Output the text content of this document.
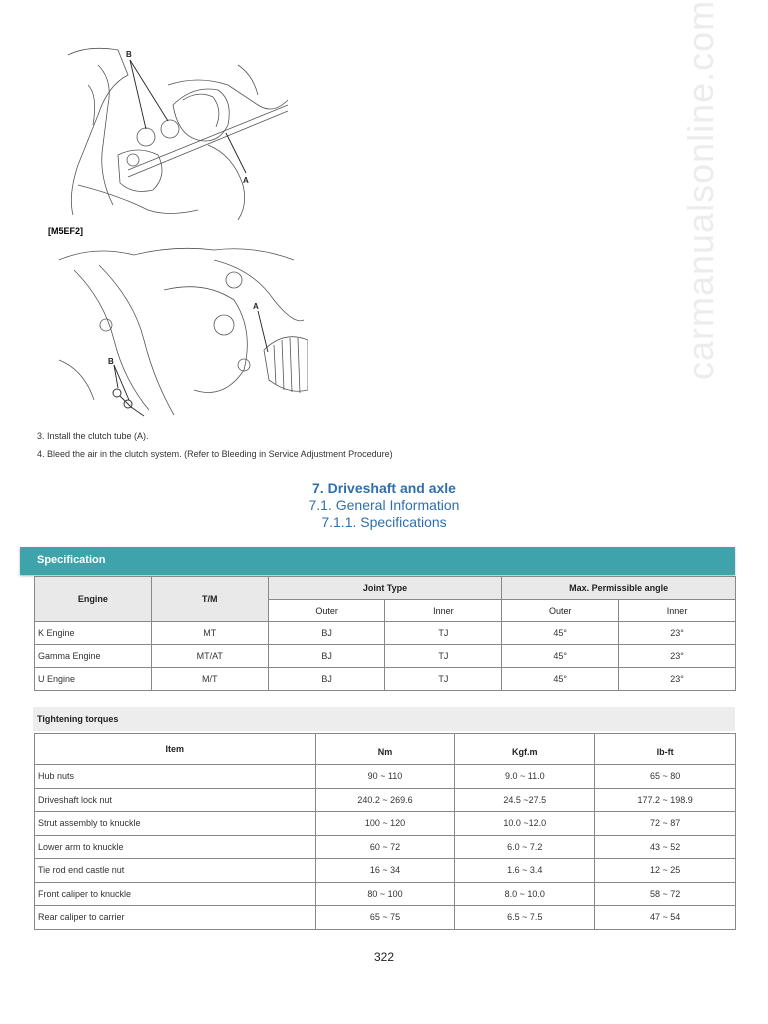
B
A
[M5EF2]
A
B
3. Install the clutch tube (A).
4. Bleed the air in the clutch system. (Refer to Bleeding in Service Adjustment Procedure)
7. Driveshaft and axle
7.1. General Information
7.1.1. Specifications
carmanualsonline.com
Specification
Engine	T/M	Joint Type		Max. Permissible angle	
		Outer	Inner	Outer	Inner
K Engine	MT	BJ	TJ	45°	23°
Gamma Engine	MT/AT	BJ	TJ	45°	23°
U Engine	M/T	BJ	TJ	45°	23°
Tightening torques
Item			
	Nm	Kgf.m	lb-ft
Hub nuts	90 ~ 110	9.0 ~ 11.0	65 ~ 80
Driveshaft lock nut	240.2 ~ 269.6	24.5 ~27.5	177.2 ~ 198.9
Strut assembly to knuckle	100 ~ 120	10.0 ~12.0	72 ~ 87
Lower arm to knuckle	60 ~ 72	6.0 ~ 7.2	43 ~ 52
Tie rod end castle nut	16 ~ 34	1.6 ~ 3.4	12 ~ 25
Front caliper to knuckle	80 ~ 100	8.0 ~ 10.0	58 ~ 72
Rear caliper to carrier	65 ~ 75	6.5 ~ 7.5	47 ~ 54
322
